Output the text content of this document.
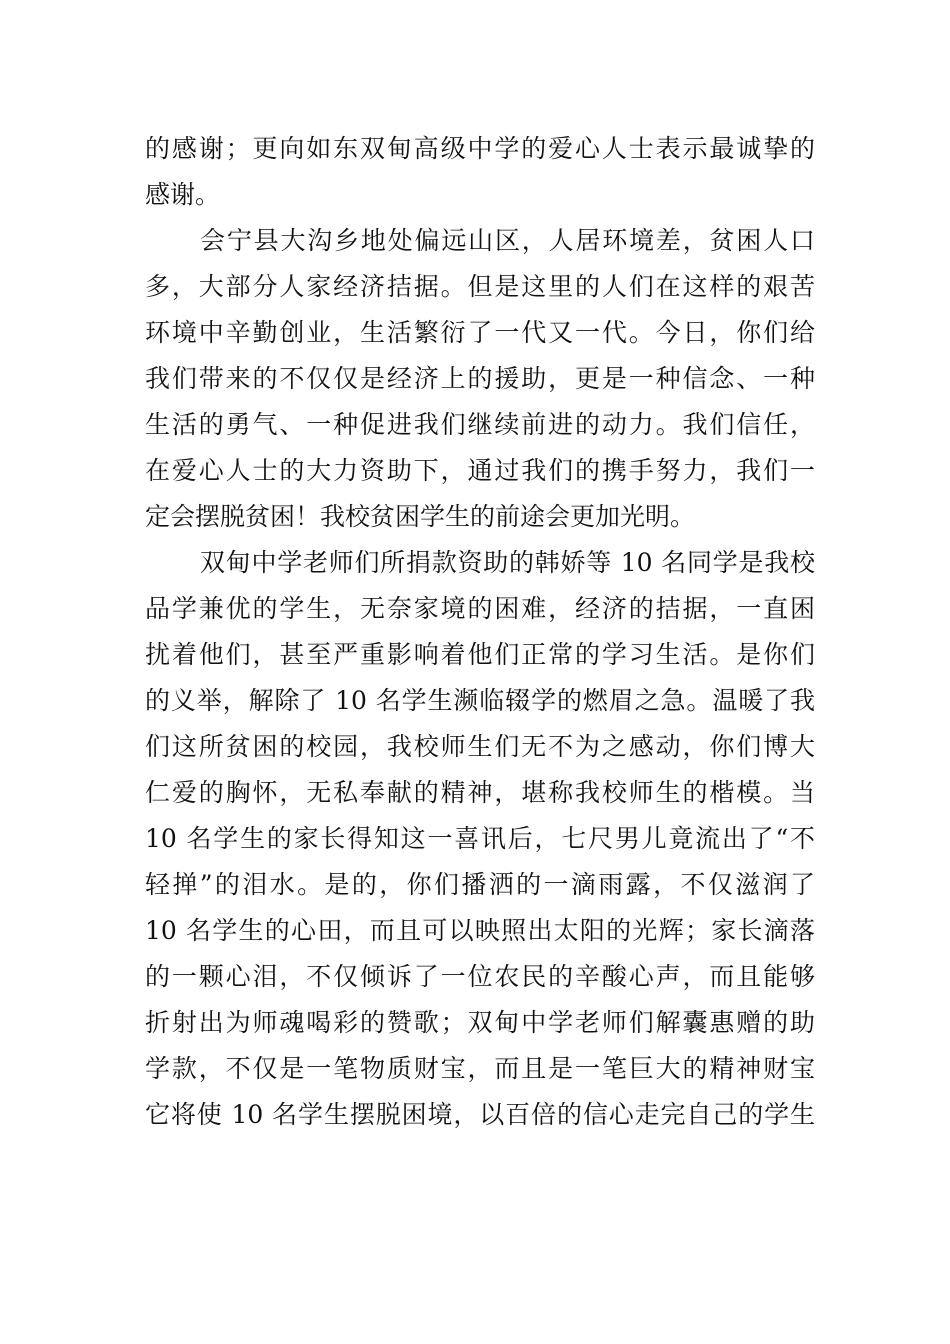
的感谢；更向如东双甸高级中学的爱心人士表示最诚挚的
感谢。
会宁县大沟乡地处偏远山区，人居环境差，贫困人口
多，大部分人家经济拮据。但是这里的人们在这样的艰苦
环境中辛勤创业，生活繁衍了一代又一代。今日，你们给
我们带来的不仅仅是经济上的援助，更是一种信念、一种
生活的勇气、一种促进我们继续前进的动力。我们信任，
在爱心人士的大力资助下，通过我们的携手努力，我们一
定会摆脱贫困！我校贫困学生的前途会更加光明。
双甸中学老师们所捐款资助的韩娇等 10 名同学是我校
品学兼优的学生，无奈家境的困难，经济的拮据，一直困
扰着他们，甚至严重影响着他们正常的学习生活。是你们
的义举，解除了 10 名学生濒临辍学的燃眉之急。温暖了我
们这所贫困的校园，我校师生们无不为之感动，你们博大
仁爱的胸怀，无私奉献的精神，堪称我校师生的楷模。当
10 名学生的家长得知这一喜讯后，七尺男儿竟流出了“不
轻掸”的泪水。是的，你们播洒的一滴雨露，不仅滋润了
10 名学生的心田，而且可以映照出太阳的光辉；家长滴落
的一颗心泪，不仅倾诉了一位农民的辛酸心声，而且能够
折射出为师魂喝彩的赞歌；双甸中学老师们解囊惠赠的助
学款，不仅是一笔物质财宝，而且是一笔巨大的精神财宝
它将使 10 名学生摆脱困境，以百倍的信心走完自己的学生
